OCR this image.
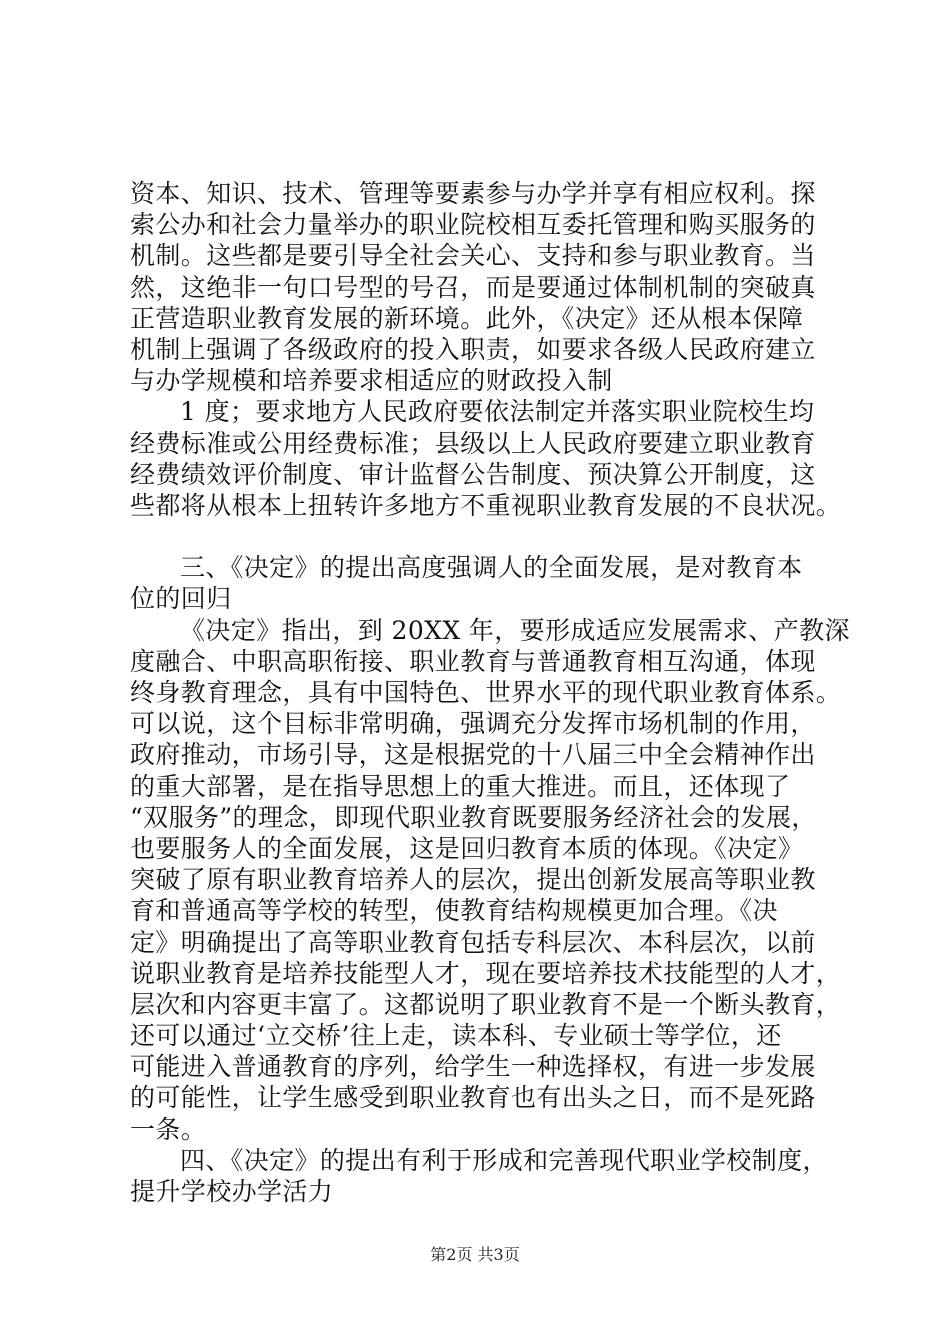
资本、知识、技术、管理等要素参与办学并享有相应权利。探
索公办和社会力量举办的职业院校相互委托管理和购买服务的
机制。这些都是要引导全社会关心、支持和参与职业教育。当
然，这绝非一句口号型的号召，而是要通过体制机制的突破真
正营造职业教育发展的新环境。此外，《决定》还从根本保障
机制上强调了各级政府的投入职责，如要求各级人民政府建立
与办学规模和培养要求相适应的财政投入制
1 度；要求地方人民政府要依法制定并落实职业院校生均
经费标准或公用经费标准；县级以上人民政府要建立职业教育
经费绩效评价制度、审计监督公告制度、预决算公开制度，这
些都将从根本上扭转许多地方不重视职业教育发展的不良状况。
三、《决定》的提出高度强调人的全面发展，是对教育本
位的回归
《决定》指出，到 20XX 年，要形成适应发展需求、产教深
度融合、中职高职衔接、职业教育与普通教育相互沟通，体现
终身教育理念，具有中国特色、世界水平的现代职业教育体系。
可以说，这个目标非常明确，强调充分发挥市场机制的作用，
政府推动，市场引导，这是根据党的十八届三中全会精神作出
的重大部署，是在指导思想上的重大推进。而且，还体现了
“双服务”的理念，即现代职业教育既要服务经济社会的发展，
也要服务人的全面发展，这是回归教育本质的体现。《决定》
突破了原有职业教育培养人的层次，提出创新发展高等职业教
育和普通高等学校的转型，使教育结构规模更加合理。《决
定》明确提出了高等职业教育包括专科层次、本科层次，以前
说职业教育是培养技能型人才，现在要培养技术技能型的人才，
层次和内容更丰富了。这都说明了职业教育不是一个断头教育，
还可以通过‘立交桥’往上走，读本科、专业硕士等学位，还
可能进入普通教育的序列，给学生一种选择权，有进一步发展
的可能性，让学生感受到职业教育也有出头之日，而不是死路
一条。
四、《决定》的提出有利于形成和完善现代职业学校制度，
提升学校办学活力
第2页 共3页
